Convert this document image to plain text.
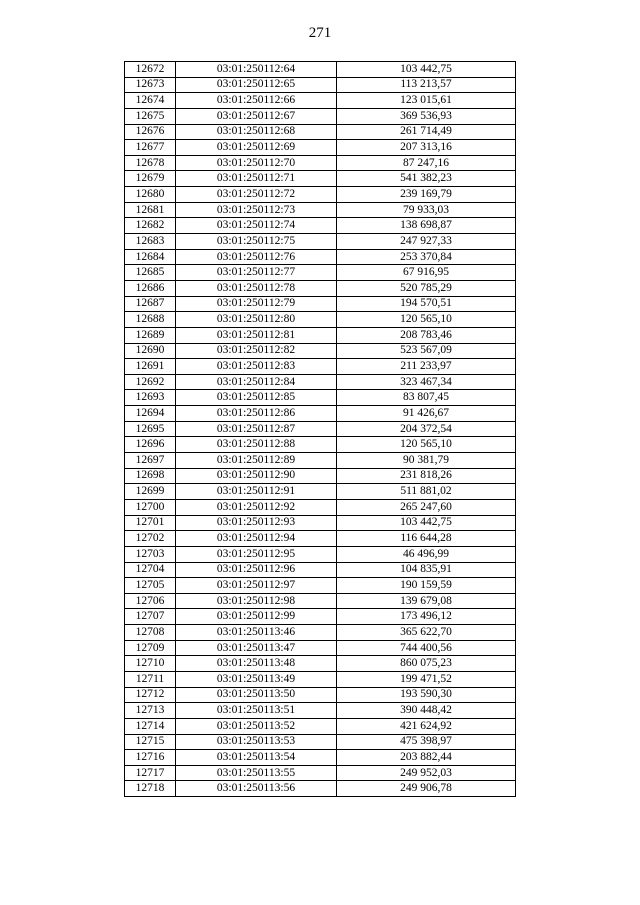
271
12672	03:01:250112:64	103 442,75
12673	03:01:250112:65	113 213,57
12674	03:01:250112:66	123 015,61
12675	03:01:250112:67	369 536,93
12676	03:01:250112:68	261 714,49
12677	03:01:250112:69	207 313,16
12678	03:01:250112:70	87 247,16
12679	03:01:250112:71	541 382,23
12680	03:01:250112:72	239 169,79
12681	03:01:250112:73	79 933,03
12682	03:01:250112:74	138 698,87
12683	03:01:250112:75	247 927,33
12684	03:01:250112:76	253 370,84
12685	03:01:250112:77	67 916,95
12686	03:01:250112:78	520 785,29
12687	03:01:250112:79	194 570,51
12688	03:01:250112:80	120 565,10
12689	03:01:250112:81	208 783,46
12690	03:01:250112:82	523 567,09
12691	03:01:250112:83	211 233,97
12692	03:01:250112:84	323 467,34
12693	03:01:250112:85	83 807,45
12694	03:01:250112:86	91 426,67
12695	03:01:250112:87	204 372,54
12696	03:01:250112:88	120 565,10
12697	03:01:250112:89	90 381,79
12698	03:01:250112:90	231 818,26
12699	03:01:250112:91	511 881,02
12700	03:01:250112:92	265 247,60
12701	03:01:250112:93	103 442,75
12702	03:01:250112:94	116 644,28
12703	03:01:250112:95	46 496,99
12704	03:01:250112:96	104 835,91
12705	03:01:250112:97	190 159,59
12706	03:01:250112:98	139 679,08
12707	03:01:250112:99	173 496,12
12708	03:01:250113:46	365 622,70
12709	03:01:250113:47	744 400,56
12710	03:01:250113:48	860 075,23
12711	03:01:250113:49	199 471,52
12712	03:01:250113:50	193 590,30
12713	03:01:250113:51	390 448,42
12714	03:01:250113:52	421 624,92
12715	03:01:250113:53	475 398,97
12716	03:01:250113:54	203 882,44
12717	03:01:250113:55	249 952,03
12718	03:01:250113:56	249 906,78
